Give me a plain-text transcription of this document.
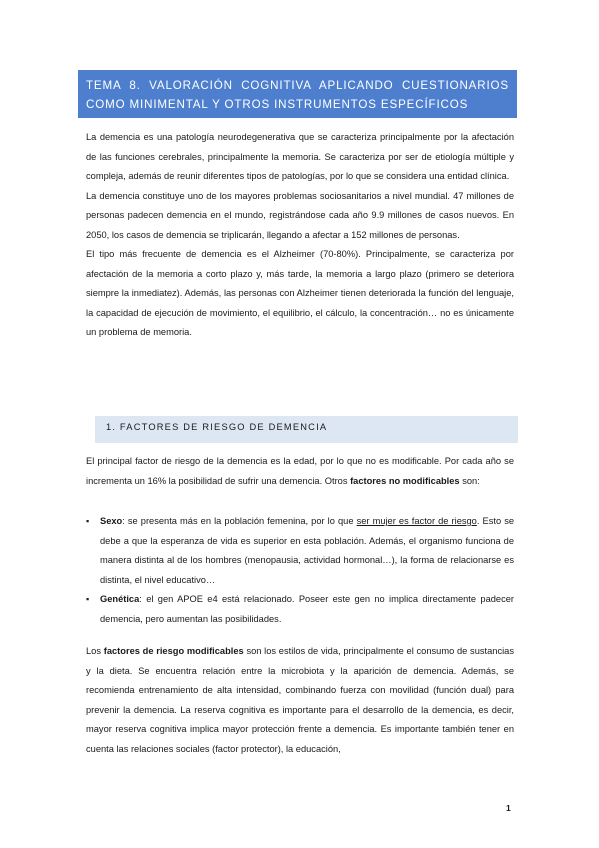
TEMA 8. VALORACIÓN COGNITIVA APLICANDO CUESTIONARIOS COMO MINIMENTAL Y OTROS INSTRUMENTOS ESPECÍFICOS

La demencia es una patología neurodegenerativa que se caracteriza principalmente por la afectación de las funciones cerebrales, principalmente la memoria. Se caracteriza por ser de etiología múltiple y compleja, además de reunir diferentes tipos de patologías, por lo que se considera una entidad clínica.

La demencia constituye uno de los mayores problemas sociosanitarios a nivel mundial. 47 millones de personas padecen demencia en el mundo, registrándose cada año 9.9 millones de casos nuevos. En 2050, los casos de demencia se triplicarán, llegando a afectar a 152 millones de personas.

El tipo más frecuente de demencia es el Alzheimer (70-80%). Principalmente, se caracteriza por afectación de la memoria a corto plazo y, más tarde, la memoria a largo plazo (primero se deteriora siempre la inmediatez). Además, las personas con Alzheimer tienen deteriorada la función del lenguaje, la capacidad de ejecución de movimiento, el equilibrio, el cálculo, la concentración… no es únicamente un problema de memoria.

1. FACTORES DE RIESGO DE DEMENCIA

El principal factor de riesgo de la demencia es la edad, por lo que no es modificable. Por cada año se incrementa un 16% la posibilidad de sufrir una demencia. Otros factores no modificables son:

▪ Sexo: se presenta más en la población femenina, por lo que ser mujer es factor de riesgo. Esto se debe a que la esperanza de vida es superior en esta población. Además, el organismo funciona de manera distinta al de los hombres (menopausia, actividad hormonal…), la forma de relacionarse es distinta, el nivel educativo…
▪ Genética: el gen APOE e4 está relacionado. Poseer este gen no implica directamente padecer demencia, pero aumentan las posibilidades.

Los factores de riesgo modificables son los estilos de vida, principalmente el consumo de sustancias y la dieta. Se encuentra relación entre la microbiota y la aparición de demencia. Además, se recomienda entrenamiento de alta intensidad, combinando fuerza con movilidad (función dual) para prevenir la demencia. La reserva cognitiva es importante para el desarrollo de la demencia, es decir, mayor reserva cognitiva implica mayor protección frente a demencia. Es importante también tener en cuenta las relaciones sociales (factor protector), la educación,

1
